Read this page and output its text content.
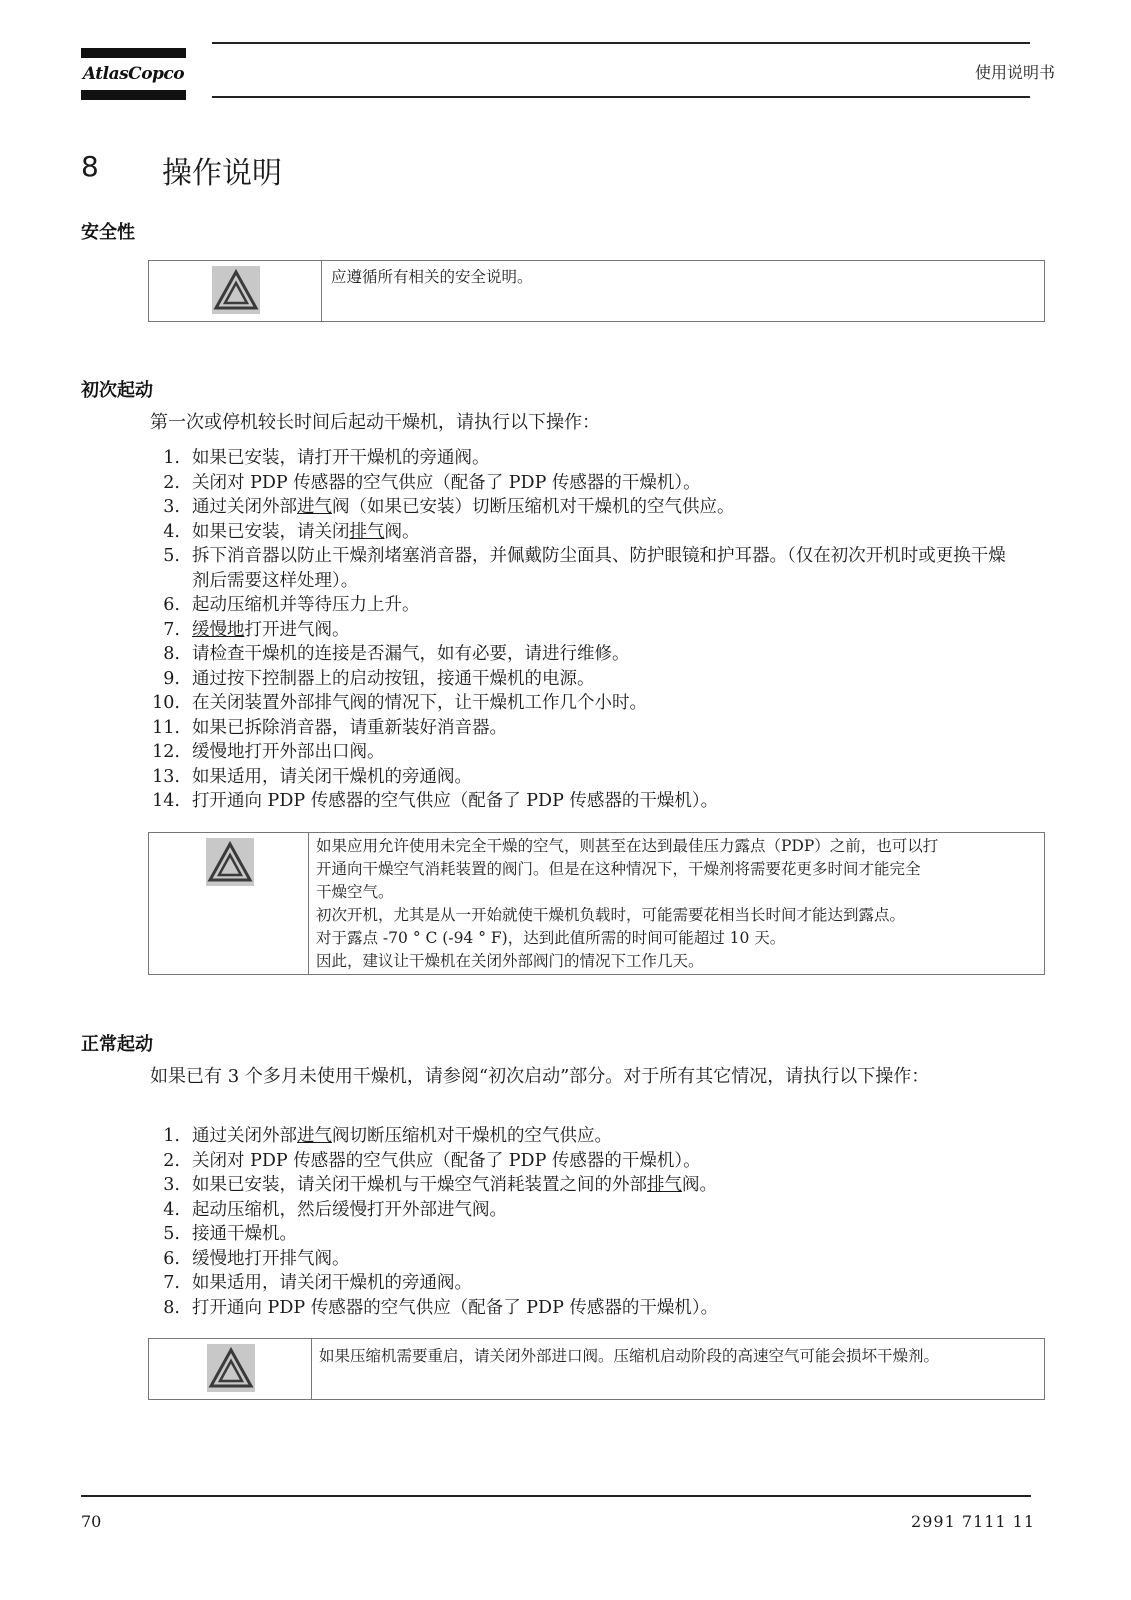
AtlasCopco	使用说明书
8 操作说明
安全性
应遵循所有相关的安全说明。
初次起动
第一次或停机较长时间后起动干燥机，请执行以下操作：
1. 如果已安装，请打开干燥机的旁通阀。
2. 关闭对 PDP 传感器的空气供应（配备了 PDP 传感器的干燥机）。
3. 通过关闭外部进气阀（如果已安装）切断压缩机对干燥机的空气供应。
4. 如果已安装，请关闭排气阀。
5. 拆下消音器以防止干燥剂堵塞消音器，并佩戴防尘面具、防护眼镜和护耳器。（仅在初次开机时或更换干燥剂后需要这样处理）。
6. 起动压缩机并等待压力上升。
7. 缓慢地打开进气阀。
8. 请检查干燥机的连接是否漏气，如有必要，请进行维修。
9. 通过按下控制器上的启动按钮，接通干燥机的电源。
10. 在关闭装置外部排气阀的情况下，让干燥机工作几个小时。
11. 如果已拆除消音器，请重新装好消音器。
12. 缓慢地打开外部出口阀。
13. 如果适用，请关闭干燥机的旁通阀。
14. 打开通向 PDP 传感器的空气供应（配备了 PDP 传感器的干燥机）。
如果应用允许使用未完全干燥的空气，则甚至在达到最佳压力露点（PDP）之前，也可以打
开通向干燥空气消耗装置的阀门。但是在这种情况下，干燥剂将需要花更多时间才能完全
干燥空气。
初次开机，尤其是从一开始就使干燥机负载时，可能需要花相当长时间才能达到露点。
对于露点 -70 ° C (-94 ° F)，达到此值所需的时间可能超过 10 天。
因此，建议让干燥机在关闭外部阀门的情况下工作几天。
正常起动
如果已有 3 个多月未使用干燥机，请参阅“初次启动”部分。对于所有其它情况，请执行以下操作：
1. 通过关闭外部进气阀切断压缩机对干燥机的空气供应。
2. 关闭对 PDP 传感器的空气供应（配备了 PDP 传感器的干燥机）。
3. 如果已安装，请关闭干燥机与干燥空气消耗装置之间的外部排气阀。
4. 起动压缩机，然后缓慢打开外部进气阀。
5. 接通干燥机。
6. 缓慢地打开排气阀。
7. 如果适用，请关闭干燥机的旁通阀。
8. 打开通向 PDP 传感器的空气供应（配备了 PDP 传感器的干燥机）。
如果压缩机需要重启，请关闭外部进口阀。压缩机启动阶段的高速空气可能会损坏干燥剂。
70	2991 7111 11
